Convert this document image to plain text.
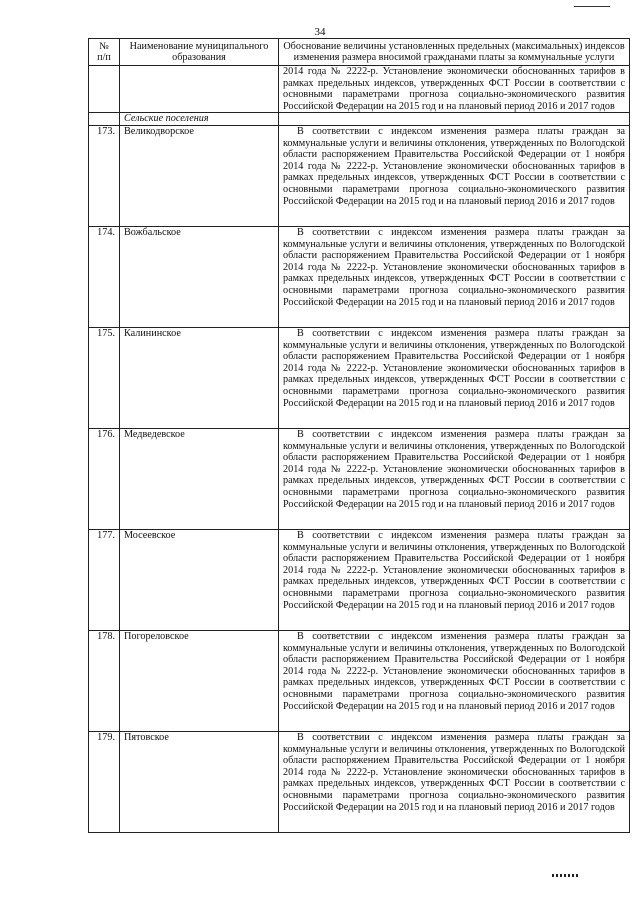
34
№
п/п	Наименование муниципального образования	Обоснование величины установленных предельных (максимальных) индексов изменения размера вносимой гражданами платы за коммунальные услуги
		2014 года № 2222-р. Установление экономически обоснованных тарифов в рамках предельных индексов, утвержденных ФСТ России в соответствии с основными параметрами прогноза социально-экономического развития Российской Федерации на 2015 год и на плановый период 2016 и 2017 годов
	Сельские поселения	
173.	Великодворское	В соответствии с индексом изменения размера платы граждан за коммунальные услуги и величины отклонения, утвержденных по Вологодской области распоряжением Правительства Российской Федерации от 1 ноября 2014 года № 2222-р. Установление экономически обоснованных тарифов в рамках предельных индексов, утвержденных ФСТ России в соответствии с основными параметрами прогноза социально-экономического развития Российской Федерации на 2015 год и на плановый период 2016 и 2017 годов

174.	Вожбальское	В соответствии с индексом изменения размера платы граждан за коммунальные услуги и величины отклонения, утвержденных по Вологодской области распоряжением Правительства Российской Федерации от 1 ноября 2014 года № 2222-р. Установление экономически обоснованных тарифов в рамках предельных индексов, утвержденных ФСТ России в соответствии с основными параметрами прогноза социально-экономического развития Российской Федерации на 2015 год и на плановый период 2016 и 2017 годов

175.	Калининское	В соответствии с индексом изменения размера платы граждан за коммунальные услуги и величины отклонения, утвержденных по Вологодской области распоряжением Правительства Российской Федерации от 1 ноября 2014 года № 2222-р. Установление экономически обоснованных тарифов в рамках предельных индексов, утвержденных ФСТ России в соответствии с основными параметрами прогноза социально-экономического развития Российской Федерации на 2015 год и на плановый период 2016 и 2017 годов

176.	Медведевское	В соответствии с индексом изменения размера платы граждан за коммунальные услуги и величины отклонения, утвержденных по Вологодской области распоряжением Правительства Российской Федерации от 1 ноября 2014 года № 2222-р. Установление экономически обоснованных тарифов в рамках предельных индексов, утвержденных ФСТ России в соответствии с основными параметрами прогноза социально-экономического развития Российской Федерации на 2015 год и на плановый период 2016 и 2017 годов

177.	Мосеевское	В соответствии с индексом изменения размера платы граждан за коммунальные услуги и величины отклонения, утвержденных по Вологодской области распоряжением Правительства Российской Федерации от 1 ноября 2014 года № 2222-р. Установление экономически обоснованных тарифов в рамках предельных индексов, утвержденных ФСТ России в соответствии с основными параметрами прогноза социально-экономического развития Российской Федерации на 2015 год и на плановый период 2016 и 2017 годов

178.	Погореловское	В соответствии с индексом изменения размера платы граждан за коммунальные услуги и величины отклонения, утвержденных по Вологодской области распоряжением Правительства Российской Федерации от 1 ноября 2014 года № 2222-р. Установление экономически обоснованных тарифов в рамках предельных индексов, утвержденных ФСТ России в соответствии с основными параметрами прогноза социально-экономического развития Российской Федерации на 2015 год и на плановый период 2016 и 2017 годов

179.	Пятовское	В соответствии с индексом изменения размера платы граждан за коммунальные услуги и величины отклонения, утвержденных по Вологодской области распоряжением Правительства Российской Федерации от 1 ноября 2014 года № 2222-р. Установление экономически обоснованных тарифов в рамках предельных индексов, утвержденных ФСТ России в соответствии с основными параметрами прогноза социально-экономического развития Российской Федерации на 2015 год и на плановый период 2016 и 2017 годов
